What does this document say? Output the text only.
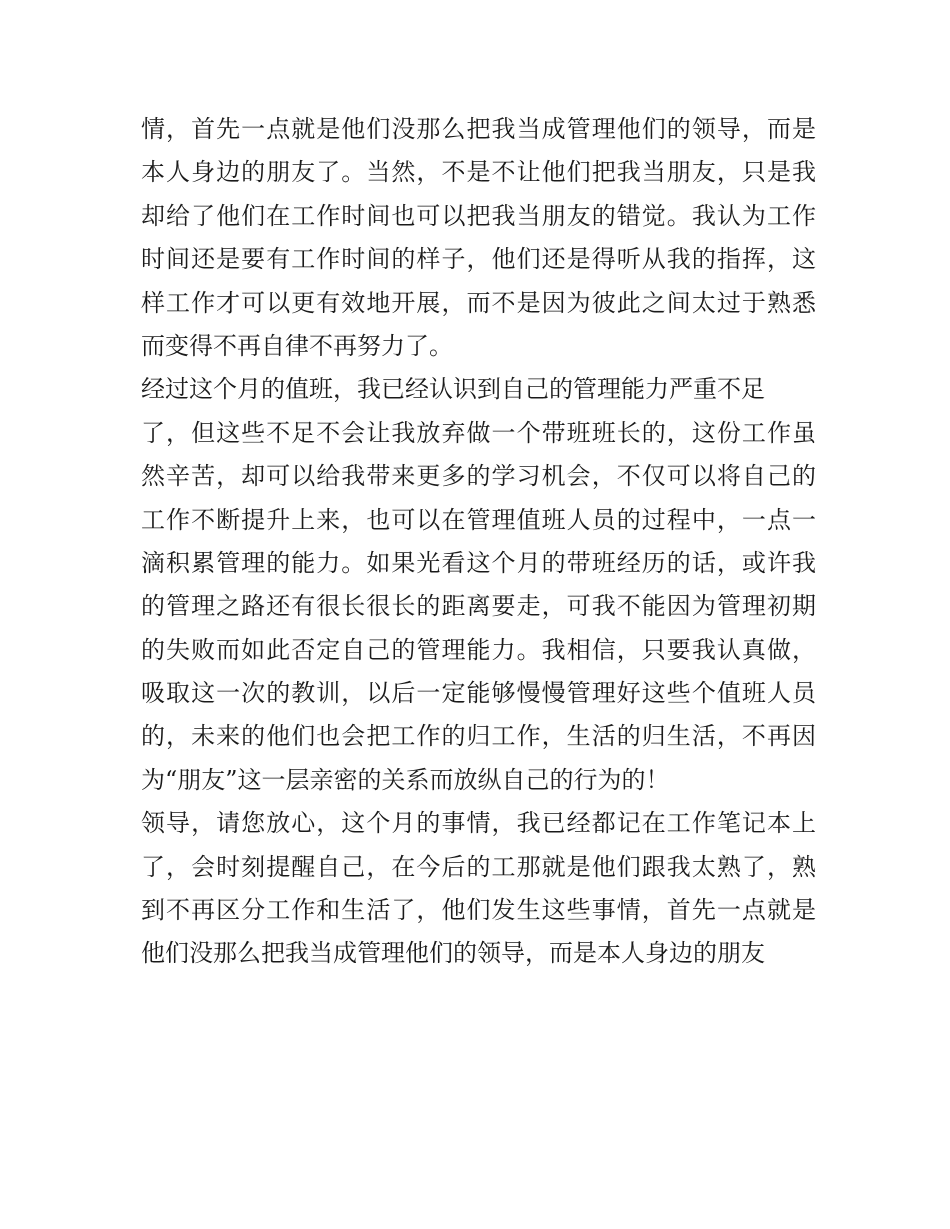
情，首先一点就是他们没那么把我当成管理他们的领导，而是
本人身边的朋友了。当然，不是不让他们把我当朋友，只是我
却给了他们在工作时间也可以把我当朋友的错觉。我认为工作
时间还是要有工作时间的样子，他们还是得听从我的指挥，这
样工作才可以更有效地开展，而不是因为彼此之间太过于熟悉
而变得不再自律不再努力了。
经过这个月的值班，我已经认识到自己的管理能力严重不足
了，但这些不足不会让我放弃做一个带班班长的，这份工作虽
然辛苦，却可以给我带来更多的学习机会，不仅可以将自己的
工作不断提升上来，也可以在管理值班人员的过程中，一点一
滴积累管理的能力。如果光看这个月的带班经历的话，或许我
的管理之路还有很长很长的距离要走，可我不能因为管理初期
的失败而如此否定自己的管理能力。我相信，只要我认真做，
吸取这一次的教训，以后一定能够慢慢管理好这些个值班人员
的，未来的他们也会把工作的归工作，生活的归生活，不再因
为“朋友”这一层亲密的关系而放纵自己的行为的！
领导，请您放心，这个月的事情，我已经都记在工作笔记本上
了，会时刻提醒自己，在今后的工那就是他们跟我太熟了，熟
到不再区分工作和生活了，他们发生这些事情，首先一点就是
他们没那么把我当成管理他们的领导，而是本人身边的朋友
